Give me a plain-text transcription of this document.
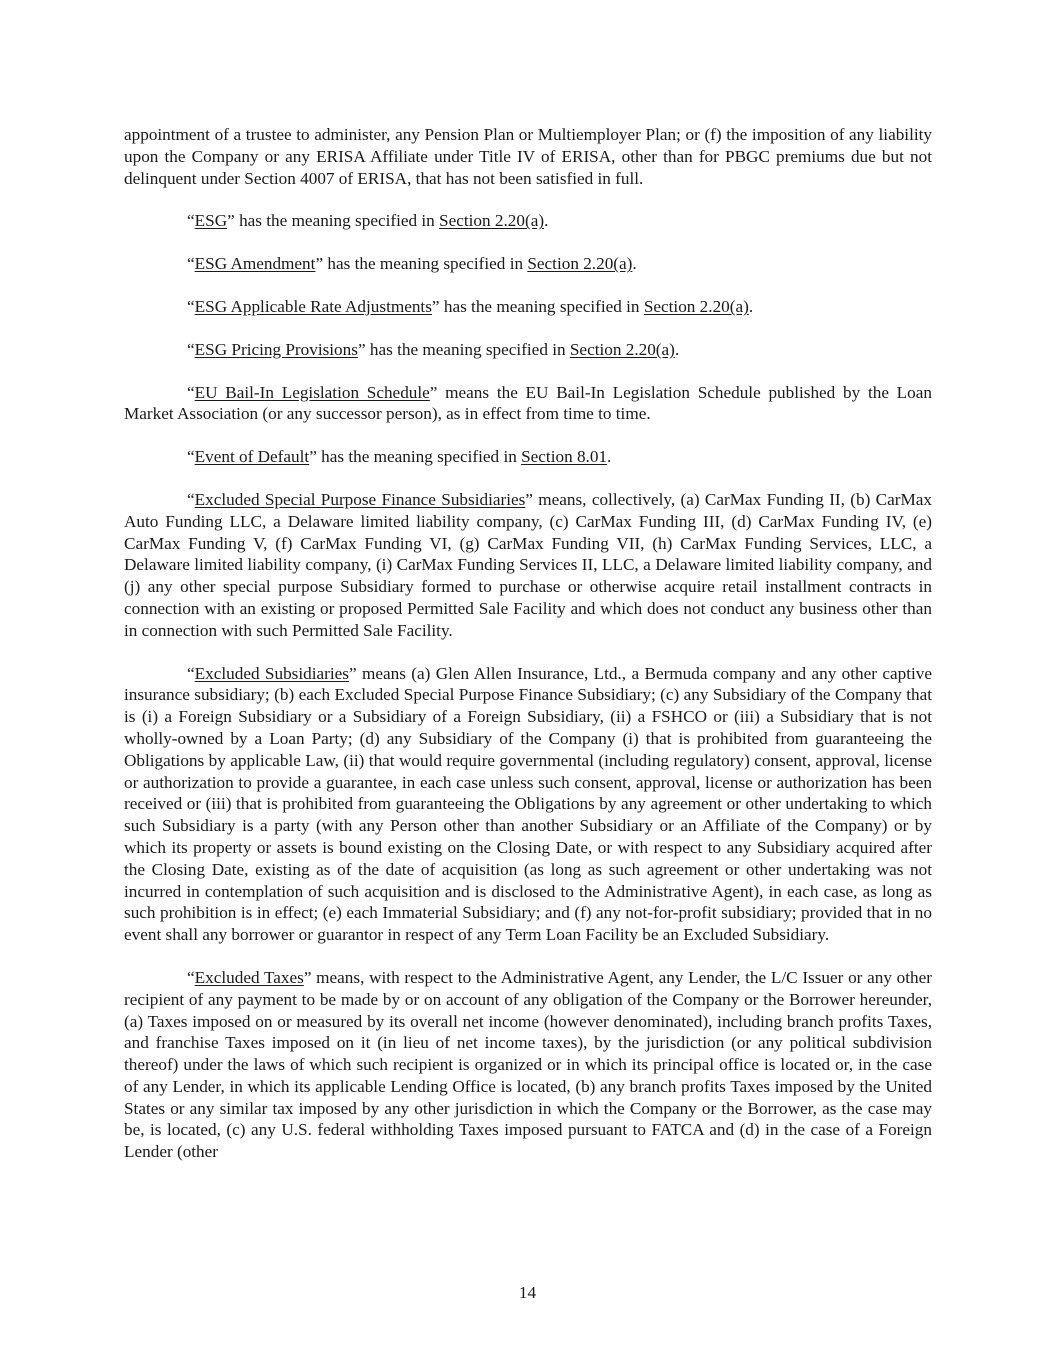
appointment of a trustee to administer, any Pension Plan or Multiemployer Plan; or (f) the imposition of any liability upon the Company or any ERISA Affiliate under Title IV of ERISA, other than for PBGC premiums due but not delinquent under Section 4007 of ERISA, that has not been satisfied in full.

“ESG” has the meaning specified in Section 2.20(a).

“ESG Amendment” has the meaning specified in Section 2.20(a).

“ESG Applicable Rate Adjustments” has the meaning specified in Section 2.20(a).

“ESG Pricing Provisions” has the meaning specified in Section 2.20(a).

“EU Bail-In Legislation Schedule” means the EU Bail-In Legislation Schedule published by the Loan Market Association (or any successor person), as in effect from time to time.

“Event of Default” has the meaning specified in Section 8.01.

“Excluded Special Purpose Finance Subsidiaries” means, collectively, (a) CarMax Funding II, (b) CarMax Auto Funding LLC, a Delaware limited liability company, (c) CarMax Funding III, (d) CarMax Funding IV, (e) CarMax Funding V, (f) CarMax Funding VI, (g) CarMax Funding VII, (h) CarMax Funding Services, LLC, a Delaware limited liability company, (i) CarMax Funding Services II, LLC, a Delaware limited liability company, and (j) any other special purpose Subsidiary formed to purchase or otherwise acquire retail installment contracts in connection with an existing or proposed Permitted Sale Facility and which does not conduct any business other than in connection with such Permitted Sale Facility.

“Excluded Subsidiaries” means (a) Glen Allen Insurance, Ltd., a Bermuda company and any other captive insurance subsidiary; (b) each Excluded Special Purpose Finance Subsidiary; (c) any Subsidiary of the Company that is (i) a Foreign Subsidiary or a Subsidiary of a Foreign Subsidiary, (ii) a FSHCO or (iii) a Subsidiary that is not wholly-owned by a Loan Party; (d) any Subsidiary of the Company (i) that is prohibited from guaranteeing the Obligations by applicable Law, (ii) that would require governmental (including regulatory) consent, approval, license or authorization to provide a guarantee, in each case unless such consent, approval, license or authorization has been received or (iii) that is prohibited from guaranteeing the Obligations by any agreement or other undertaking to which such Subsidiary is a party (with any Person other than another Subsidiary or an Affiliate of the Company) or by which its property or assets is bound existing on the Closing Date, or with respect to any Subsidiary acquired after the Closing Date, existing as of the date of acquisition (as long as such agreement or other undertaking was not incurred in contemplation of such acquisition and is disclosed to the Administrative Agent), in each case, as long as such prohibition is in effect; (e) each Immaterial Subsidiary; and (f) any not-for-profit subsidiary; provided that in no event shall any borrower or guarantor in respect of any Term Loan Facility be an Excluded Subsidiary.

“Excluded Taxes” means, with respect to the Administrative Agent, any Lender, the L/C Issuer or any other recipient of any payment to be made by or on account of any obligation of the Company or the Borrower hereunder, (a) Taxes imposed on or measured by its overall net income (however denominated), including branch profits Taxes, and franchise Taxes imposed on it (in lieu of net income taxes), by the jurisdiction (or any political subdivision thereof) under the laws of which such recipient is organized or in which its principal office is located or, in the case of any Lender, in which its applicable Lending Office is located, (b) any branch profits Taxes imposed by the United States or any similar tax imposed by any other jurisdiction in which the Company or the Borrower, as the case may be, is located, (c) any U.S. federal withholding Taxes imposed pursuant to FATCA and (d) in the case of a Foreign Lender (other

14
